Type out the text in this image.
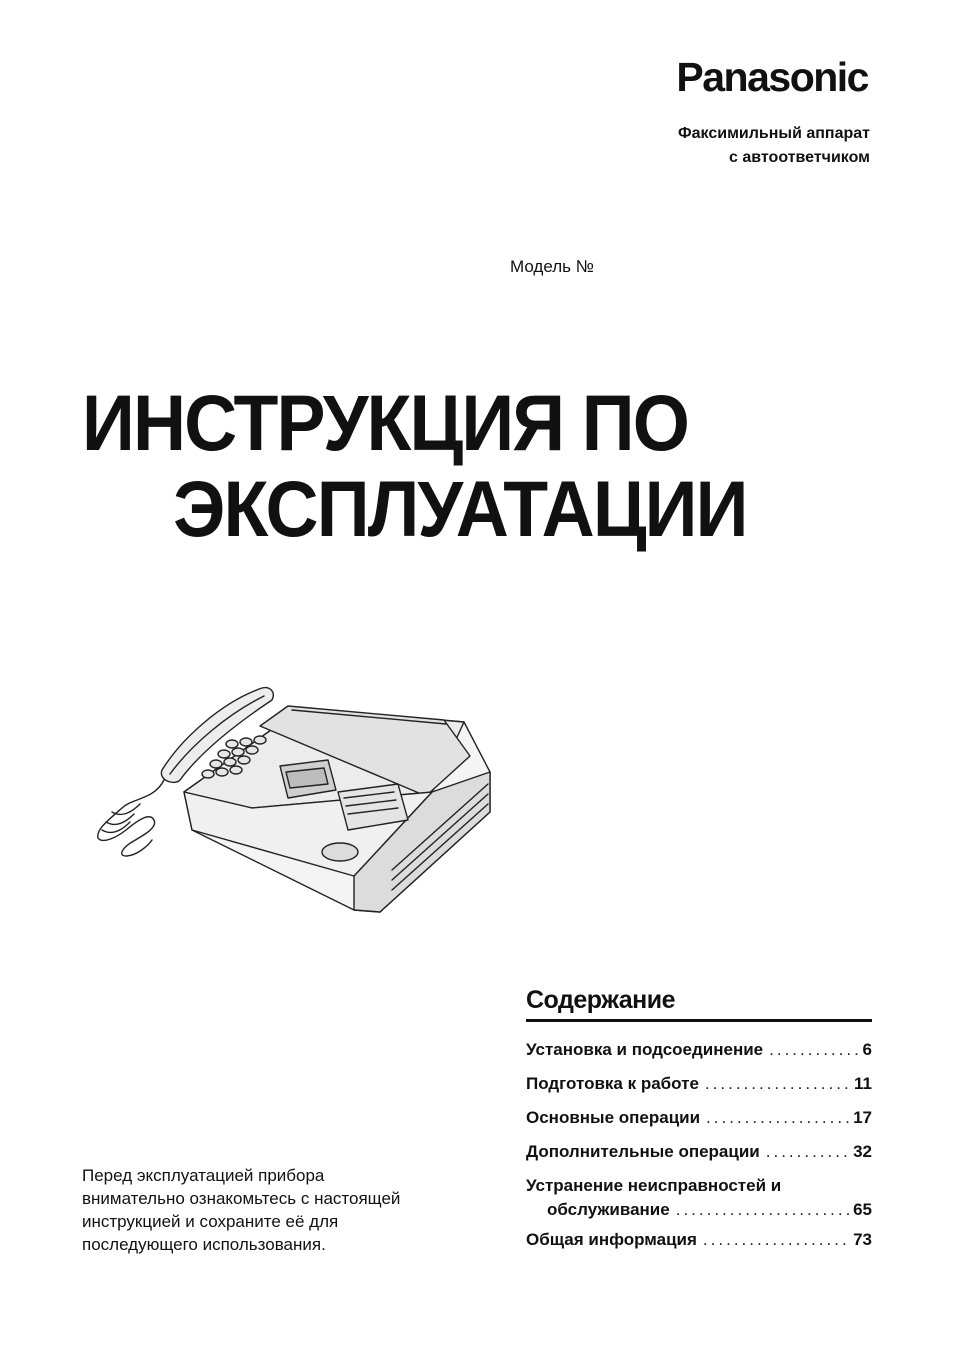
Panasonic
Факсимильный аппарат
с автоответчиком
Модель №
ИНСТРУКЦИЯ ПО
ЭКСПЛУАТАЦИИ
Содержание
Установка и подсоединение .....	6
Подготовка к работе .....	11
Основные операции .....	17
Дополнительные операции .....	32
Устранение неисправностей и
обслуживание .....	65
Общая информация .....	73
Перед эксплуатацией прибора
внимательно ознакомьтесь с настоящей
инструкцией и сохраните её для
последующего использования.
